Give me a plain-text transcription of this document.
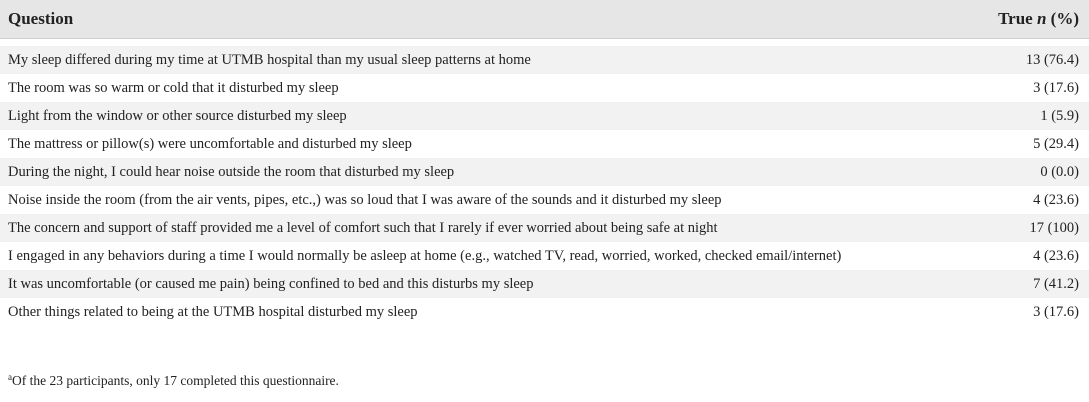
Question	True n (%)

My sleep differed during my time at UTMB hospital than my usual sleep patterns at home	13 (76.4)
The room was so warm or cold that it disturbed my sleep	3 (17.6)
Light from the window or other source disturbed my sleep	1 (5.9)
The mattress or pillow(s) were uncomfortable and disturbed my sleep	5 (29.4)
During the night, I could hear noise outside the room that disturbed my sleep	0 (0.0)
Noise inside the room (from the air vents, pipes, etc.,) was so loud that I was aware of the sounds and it disturbed my sleep	4 (23.6)
The concern and support of staff provided me a level of comfort such that I rarely if ever worried about being safe at night	17 (100)
I engaged in any behaviors during a time I would normally be asleep at home (e.g., watched TV, read, worried, worked, checked email/internet)	4 (23.6)
It was uncomfortable (or caused me pain) being confined to bed and this disturbs my sleep	7 (41.2)
Other things related to being at the UTMB hospital disturbed my sleep	3 (17.6)
$^a$Of the 23 participants, only 17 completed this questionnaire.
